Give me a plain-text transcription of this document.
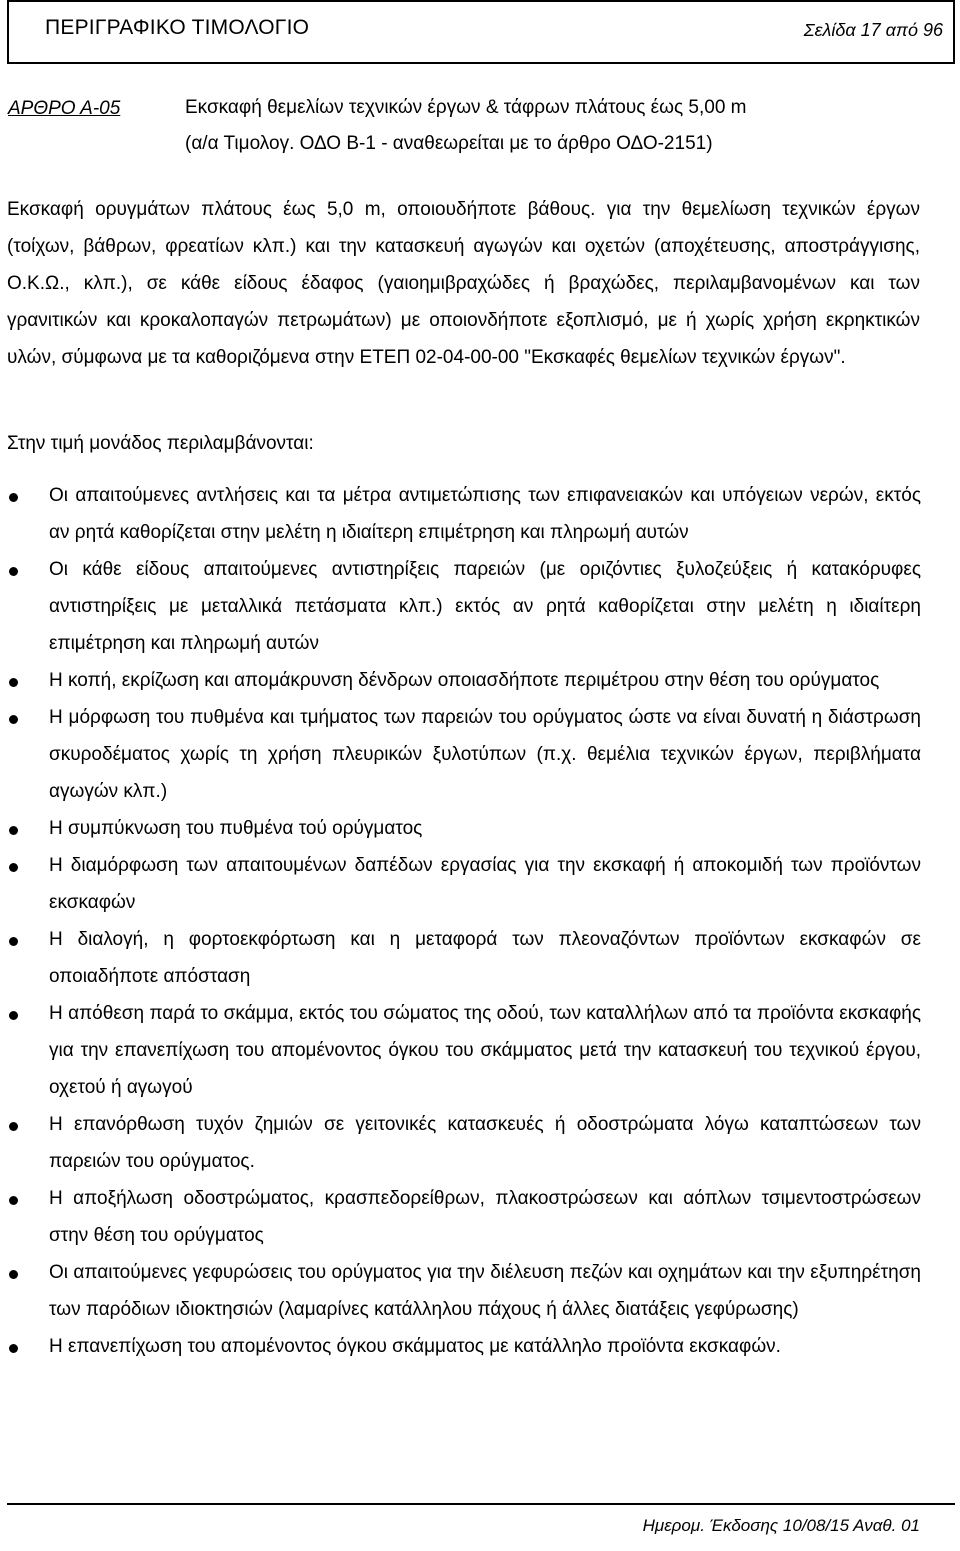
ΠΕΡΙΓΡΑΦΙΚΟ ΤΙΜΟΛΟΓΙΟ	Σελίδα 17 από 96
ΑΡΘΡΟ Α-05	Εκσκαφή θεμελίων τεχνικών έργων & τάφρων πλάτους έως 5,00 m
(α/α Τιμολογ. ΟΔΟ Β-1 - αναθεωρείται με το άρθρο ΟΔΟ-2151)
Εκσκαφή ορυγμάτων πλάτους έως 5,0 m, οποιουδήποτε βάθους. για την θεμελίωση τεχνικών έργων (τοίχων, βάθρων, φρεατίων κλπ.) και την κατασκευή αγωγών και οχετών (αποχέτευσης, αποστράγγισης, Ο.Κ.Ω., κλπ.), σε κάθε είδους έδαφος (γαιοημιβραχώδες ή βραχώδες, περιλαμβανομένων και των γρανιτικών και κροκαλοπαγών πετρωμάτων) με οποιονδήποτε εξοπλισμό, με ή χωρίς χρήση εκρηκτικών υλών, σύμφωνα με τα καθοριζόμενα στην ΕΤΕΠ 02-04-00-00 "Εκσκαφές θεμελίων τεχνικών έργων".
Στην τιμή μονάδος περιλαμβάνονται:
Οι απαιτούμενες αντλήσεις και τα μέτρα αντιμετώπισης των επιφανειακών και υπόγειων νερών, εκτός αν ρητά καθορίζεται στην μελέτη η ιδιαίτερη επιμέτρηση και πληρωμή αυτών
Οι κάθε είδους απαιτούμενες αντιστηρίξεις παρειών (με οριζόντιες ξυλοζεύξεις ή κατακόρυφες αντιστηρίξεις με μεταλλικά πετάσματα κλπ.) εκτός αν ρητά καθορίζεται στην μελέτη η ιδιαίτερη επιμέτρηση και πληρωμή αυτών
Η κοπή, εκρίζωση και απομάκρυνση δένδρων οποιασδήποτε περιμέτρου στην θέση του ορύγματος
Η μόρφωση του πυθμένα και τμήματος των παρειών του ορύγματος ώστε να είναι δυνατή η διάστρωση σκυροδέματος χωρίς τη χρήση πλευρικών ξυλοτύπων (π.χ. θεμέλια τεχνικών έργων, περιβλήματα αγωγών κλπ.)
Η συμπύκνωση του πυθμένα τού ορύγματος
Η διαμόρφωση των απαιτουμένων δαπέδων εργασίας για την εκσκαφή ή αποκομιδή των προϊόντων εκσκαφών
Η διαλογή, η φορτοεκφόρτωση και η μεταφορά των πλεοναζόντων προϊόντων εκσκαφών σε οποιαδήποτε απόσταση
Η απόθεση παρά το σκάμμα, εκτός του σώματος της οδού, των καταλλήλων από τα προϊόντα εκσκαφής για την επανεπίχωση του απομένοντος όγκου του σκάμματος μετά την κατασκευή του τεχνικού έργου, οχετού ή αγωγού
Η επανόρθωση τυχόν ζημιών σε γειτονικές κατασκευές ή οδοστρώματα λόγω καταπτώσεων των παρειών του ορύγματος.
Η αποξήλωση οδοστρώματος, κρασπεδορείθρων, πλακοστρώσεων και αόπλων τσιμεντοστρώσεων στην θέση του ορύγματος
Οι απαιτούμενες γεφυρώσεις του ορύγματος για την διέλευση πεζών και οχημάτων και την εξυπηρέτηση των παρόδιων ιδιοκτησιών (λαμαρίνες κατάλληλου πάχους ή άλλες διατάξεις γεφύρωσης)
Η επανεπίχωση του απομένοντος όγκου σκάμματος με κατάλληλο προϊόντα εκσκαφών.
Ημερομ. Έκδοσης 10/08/15 Αναθ. 01
